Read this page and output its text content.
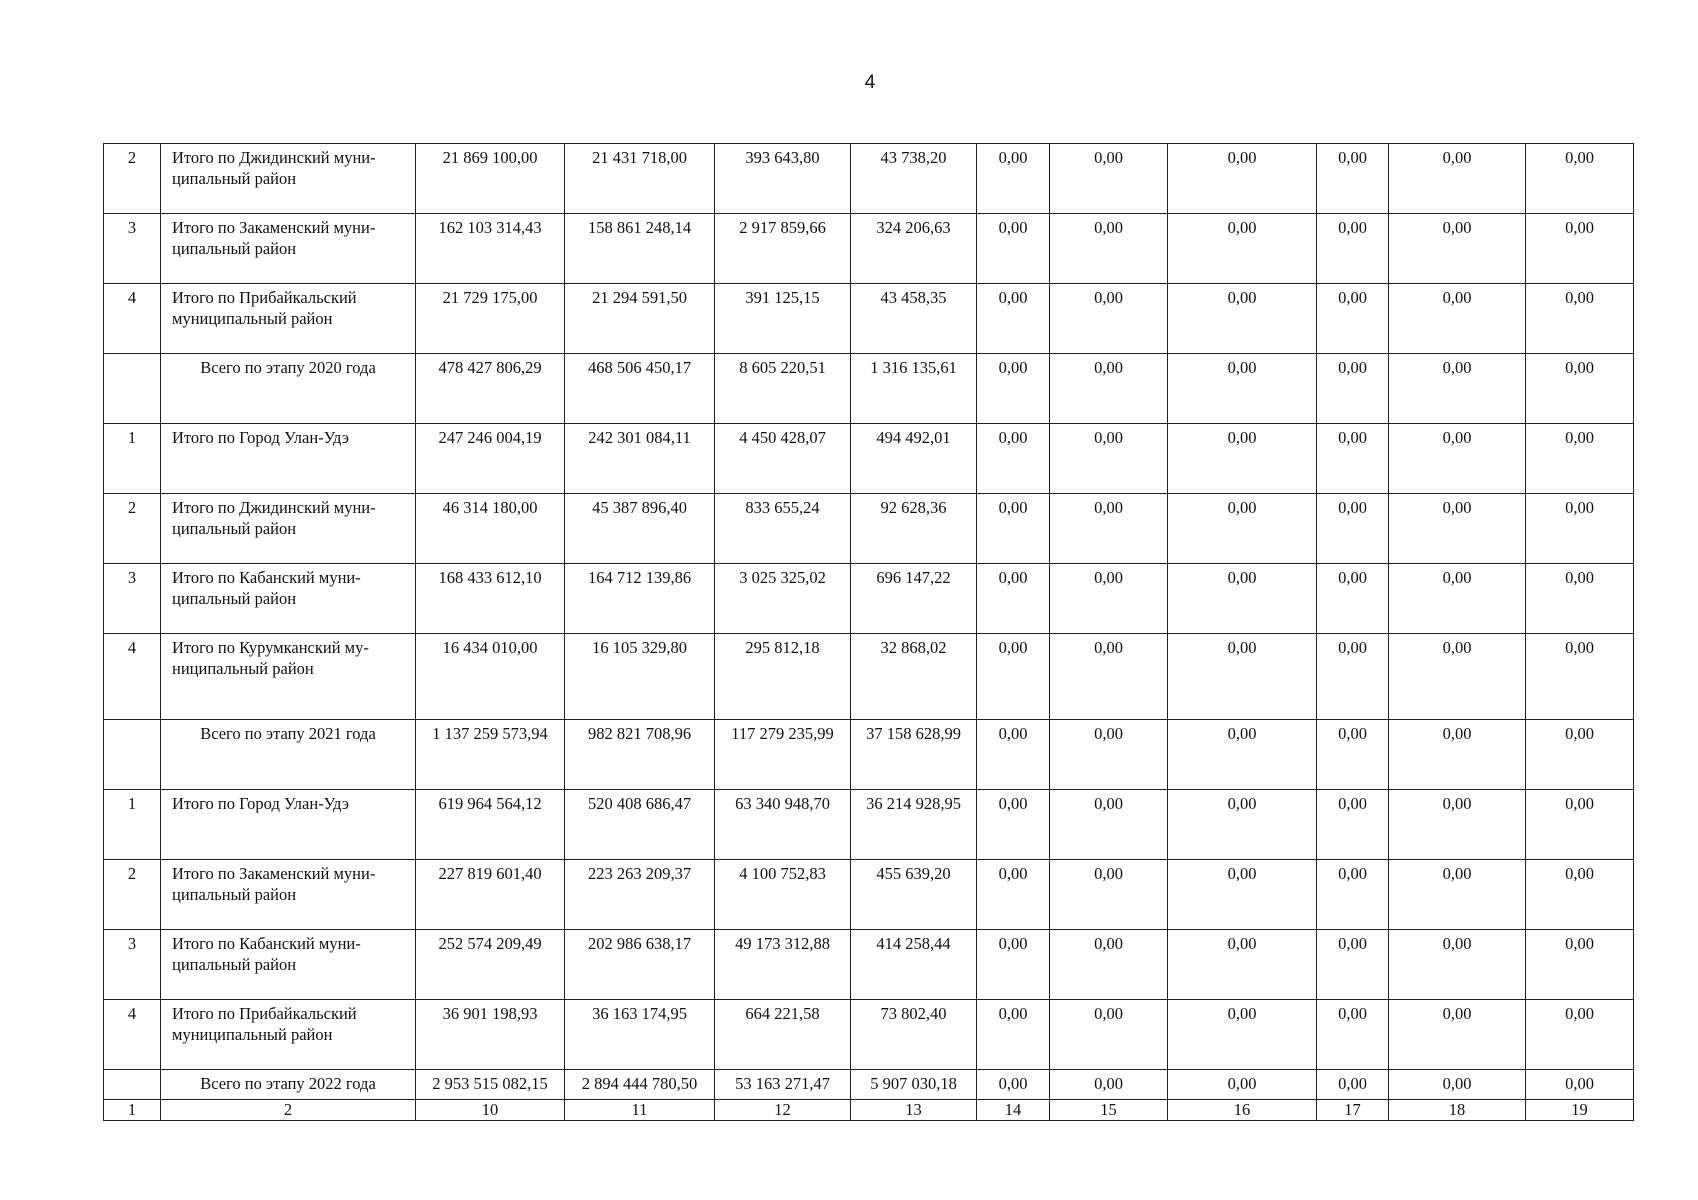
4
2	Итого по Джидинский муни-ципальный район	21 869 100,00	21 431 718,00	393 643,80	43 738,20	0,00	0,00	0,00	0,00	0,00	0,00
3	Итого по Закаменский муни-ципальный район	162 103 314,43	158 861 248,14	2 917 859,66	324 206,63	0,00	0,00	0,00	0,00	0,00	0,00
4	Итого по Прибайкальский муниципальный район	21 729 175,00	21 294 591,50	391 125,15	43 458,35	0,00	0,00	0,00	0,00	0,00	0,00
	Всего по этапу 2020 года	478 427 806,29	468 506 450,17	8 605 220,51	1 316 135,61	0,00	0,00	0,00	0,00	0,00	0,00
1	Итого по Город Улан-Удэ	247 246 004,19	242 301 084,11	4 450 428,07	494 492,01	0,00	0,00	0,00	0,00	0,00	0,00
2	Итого по Джидинский муни-ципальный район	46 314 180,00	45 387 896,40	833 655,24	92 628,36	0,00	0,00	0,00	0,00	0,00	0,00
3	Итого по Кабанский муни-ципальный район	168 433 612,10	164 712 139,86	3 025 325,02	696 147,22	0,00	0,00	0,00	0,00	0,00	0,00
4	Итого по Курумканский му-ниципальный район	16 434 010,00	16 105 329,80	295 812,18	32 868,02	0,00	0,00	0,00	0,00	0,00	0,00
	Всего по этапу 2021 года	1 137 259 573,94	982 821 708,96	117 279 235,99	37 158 628,99	0,00	0,00	0,00	0,00	0,00	0,00
1	Итого по Город Улан-Удэ	619 964 564,12	520 408 686,47	63 340 948,70	36 214 928,95	0,00	0,00	0,00	0,00	0,00	0,00
2	Итого по Закаменский муни-ципальный район	227 819 601,40	223 263 209,37	4 100 752,83	455 639,20	0,00	0,00	0,00	0,00	0,00	0,00
3	Итого по Кабанский муни-ципальный район	252 574 209,49	202 986 638,17	49 173 312,88	414 258,44	0,00	0,00	0,00	0,00	0,00	0,00
4	Итого по Прибайкальский муниципальный район	36 901 198,93	36 163 174,95	664 221,58	73 802,40	0,00	0,00	0,00	0,00	0,00	0,00
	Всего по этапу 2022 года	2 953 515 082,15	2 894 444 780,50	53 163 271,47	5 907 030,18	0,00	0,00	0,00	0,00	0,00	0,00
1	2	10	11	12	13	14	15	16	17	18	19
